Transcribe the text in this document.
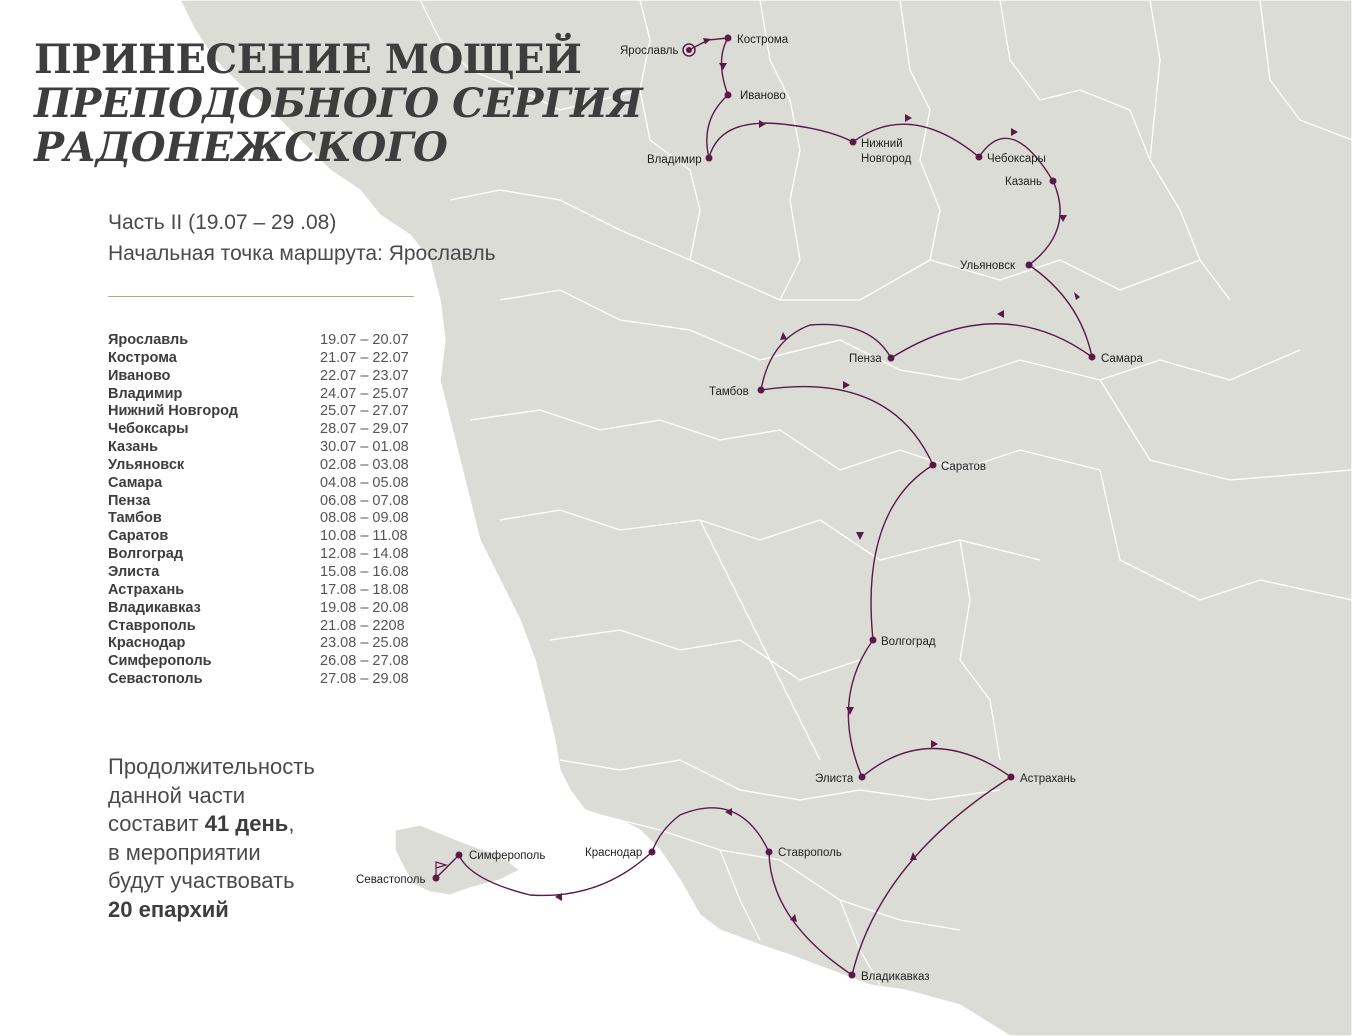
Ярославль
Кострома
Иваново
Владимир
Нижний
Новгород	Чебоксары
Казань
Ульяновск
Самара
Пенза
Тамбов
Саратов
Волгоград
Элиста	Астрахань
Владикавказ
Ставрополь
Краснодар
Симферополь
Севастополь
ПРИНЕСЕНИЕ МОЩЕЙ
ПРЕПОДОБНОГО СЕРГИЯ
РАДОНЕЖСКОГО
Часть II (19.07 – 29 .08)
Начальная точка маршрута: Ярославль
Ярославль	19.07 – 20.07
Кострома	21.07 – 22.07
Иваново	22.07 – 23.07
Владимир	24.07 – 25.07
Нижний Новгород	25.07 – 27.07
Чебоксары	28.07 – 29.07
Казань	30.07 – 01.08
Ульяновск	02.08 – 03.08
Самара	04.08 – 05.08
Пенза	06.08 – 07.08
Тамбов	08.08 – 09.08
Саратов	10.08 – 11.08
Волгоград	12.08 – 14.08
Элиста	15.08 – 16.08
Астрахань	17.08 – 18.08
Владикавказ	19.08 – 20.08
Ставрополь	21.08 – 2208
Краснодар	23.08 – 25.08
Симферополь	26.08 – 27.08
Севастополь	27.08 – 29.08
Продолжительность
данной части
составит 41 день,
в мероприятии
будут участвовать
20 епархий
